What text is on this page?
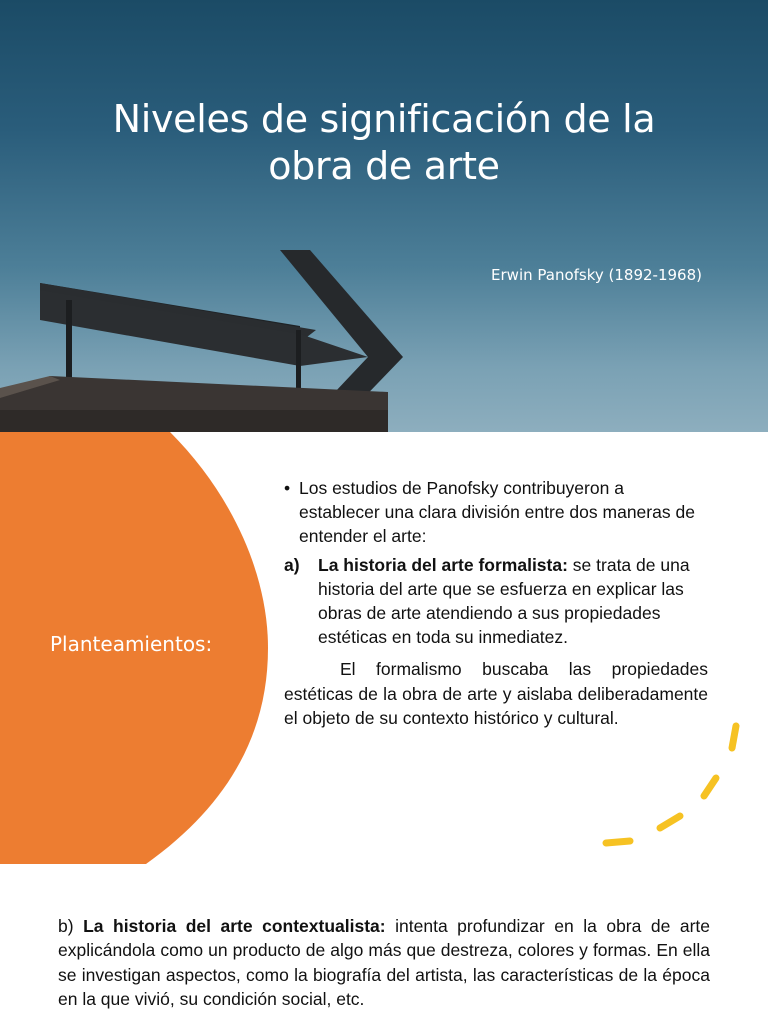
Niveles de significación de la obra de arte
Erwin Panofsky (1892-1968)
Planteamientos:
• Los estudios de Panofsky contribuyeron a establecer una clara división entre dos maneras de entender el arte:
a)	La historia del arte formalista: se trata de una historia del arte que se esfuerza en explicar las obras de arte atendiendo a sus propiedades estéticas en toda su inmediatez.
El formalismo buscaba las propiedades estéticas de la obra de arte y aislaba deliberadamente el objeto de su contexto histórico y cultural.
b) La historia del arte contextualista: intenta profundizar en la obra de arte explicándola como un producto de algo más que destreza, colores y formas. En ella se investigan aspectos, como la biografía del artista, las características de la época en la que vivió, su condición social, etc.
